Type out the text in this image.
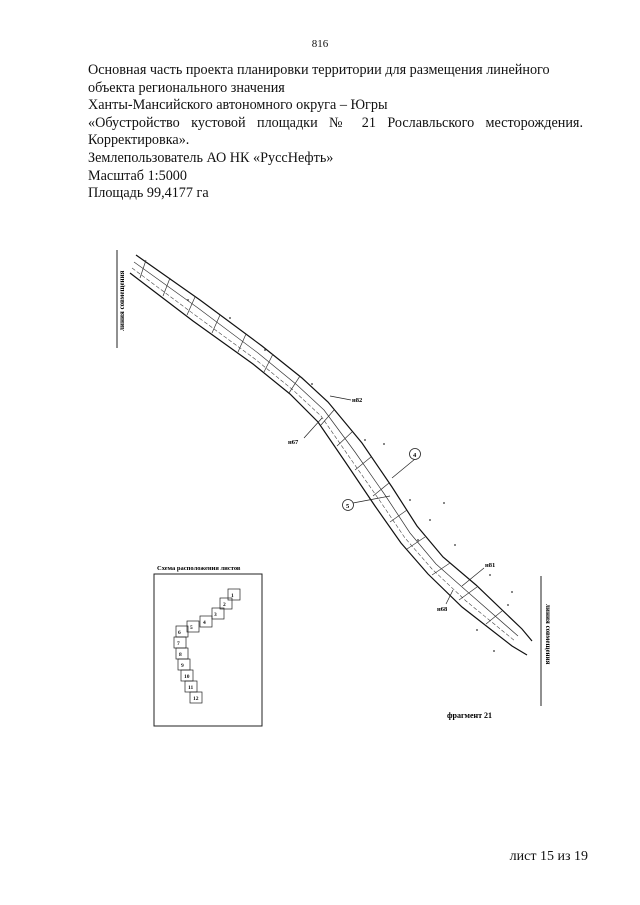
816
Основная часть проекта планировки территории для размещения линейного
объекта регионального значения
Ханты-Мансийского автономного округа – Югры
«Обустройство кустовой площадки № 21 Рославльского месторождения.
Корректировка».
Землепользователь АО НК «РуссНефть»
Масштаб 1:5000
Площадь 99,4177 га
линия совмещения
линия совмещения
н82
н67
н81
н68
4
5
Схема расположения листов
1
2
3
4
5
6
7
8
9
10
11
12
фрагмент 21
лист 15 из 19
